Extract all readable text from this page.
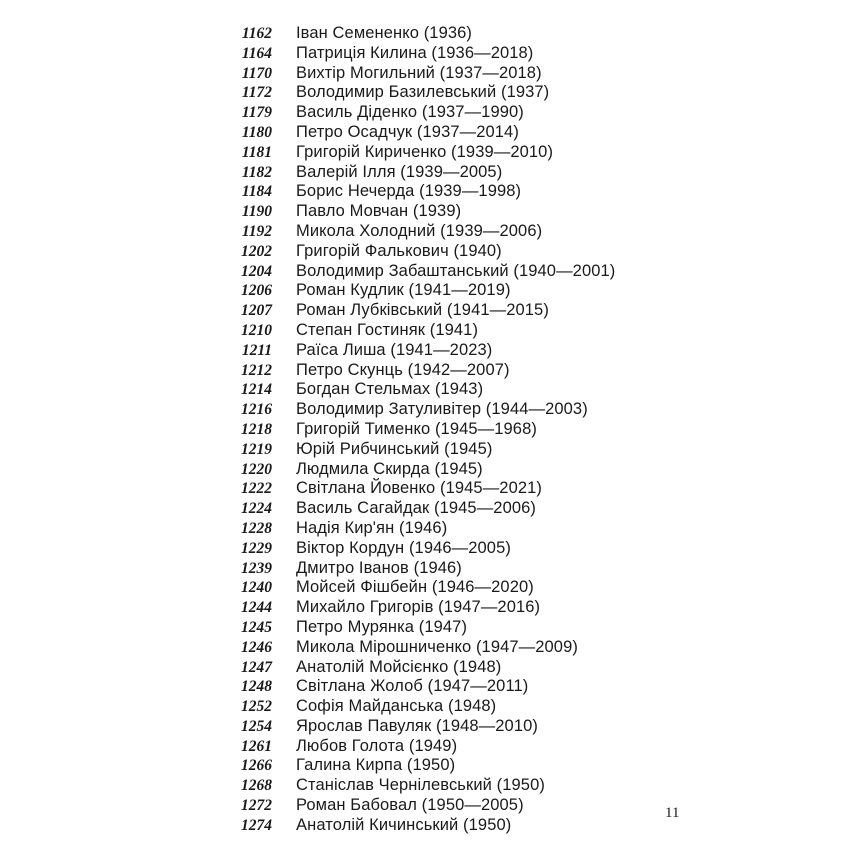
1162 Іван Семененко (1936)
1164 Патриція Килина (1936—2018)
1170 Вихтір Могильний (1937—2018)
1172 Володимир Базилевський (1937)
1179 Василь Діденко (1937—1990)
1180 Петро Осадчук (1937—2014)
1181 Григорій Кириченко (1939—2010)
1182 Валерій Ілля (1939—2005)
1184 Борис Нечерда (1939—1998)
1190 Павло Мовчан (1939)
1192 Микола Холодний (1939—2006)
1202 Григорій Фалькович (1940)
1204 Володимир Забаштанський (1940—2001)
1206 Роман Кудлик (1941—2019)
1207 Роман Лубківський (1941—2015)
1210 Степан Гостиняк (1941)
1211 Раїса Лиша (1941—2023)
1212 Петро Скунць (1942—2007)
1214 Богдан Стельмах (1943)
1216 Володимир Затуливітер (1944—2003)
1218 Григорій Тименко (1945—1968)
1219 Юрій Рибчинський (1945)
1220 Людмила Скирда (1945)
1222 Світлана Йовенко (1945—2021)
1224 Василь Сагайдак (1945—2006)
1228 Надія Кир'ян (1946)
1229 Віктор Кордун (1946—2005)
1239 Дмитро Іванов (1946)
1240 Мойсей Фішбейн (1946—2020)
1244 Михайло Григорів (1947—2016)
1245 Петро Мурянка (1947)
1246 Микола Мірошниченко (1947—2009)
1247 Анатолій Мойсієнко (1948)
1248 Світлана Жолоб (1947—2011)
1252 Софія Майданська (1948)
1254 Ярослав Павуляк (1948—2010)
1261 Любов Голота (1949)
1266 Галина Кирпа (1950)
1268 Станіслав Чернілевський (1950)
1272 Роман Бабовал (1950—2005)
1274 Анатолій Кичинський (1950)
11
